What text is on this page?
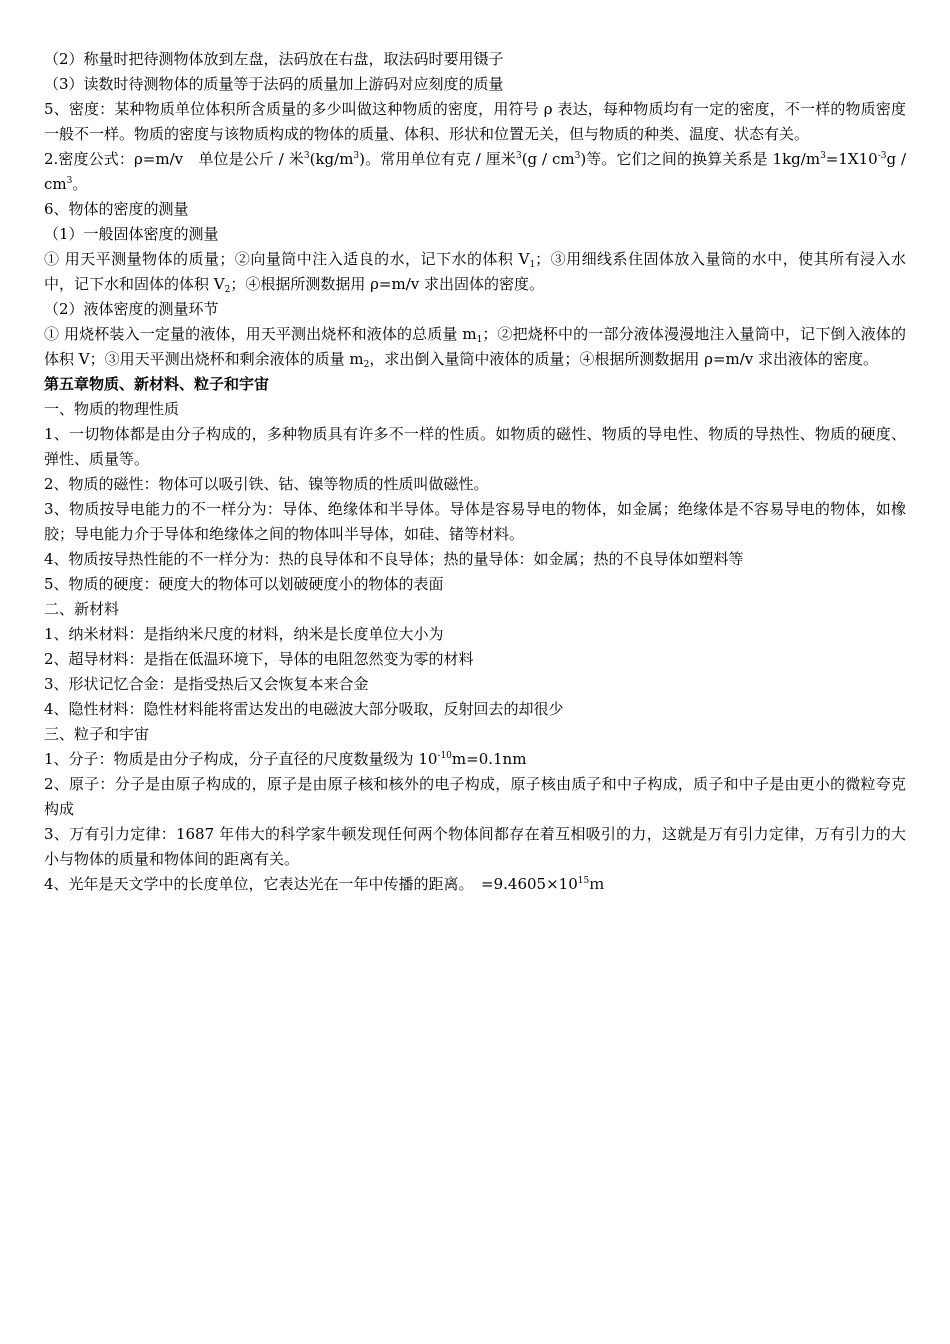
（2）称量时把待测物体放到左盘，法码放在右盘，取法码时要用镊子

（3）读数时待测物体的质量等于法码的质量加上游码对应刻度的质量

5、密度：某种物质单位体积所含质量的多少叫做这种物质的密度，用符号 ρ 表达，每种物质均有一定的密度，不一样的物质密度一般不一样。物质的密度与该物质构成的物体的质量、体积、形状和位置无关，但与物质的种类、温度、状态有关。

2.密度公式：ρ=m/v　单位是公斤 / 米$^3(kg/m^3)$。常用单位有克 / 厘米$^3(g / cm^3)$等。它们之间的换算关系是 $1kg/m^3=1X10^{-3}g / cm^3$。

6、物体的密度的测量

（1）一般固体密度的测量

① 用天平测量物体的质量；②向量筒中注入适良的水，记下水的体积 $V_1$；③用细线系住固体放入量筒的水中，使其所有浸入水中，记下水和固体的体积 $V_2$；④根据所测数据用 ρ=m/v 求出固体的密度。

（2）液体密度的测量环节

① 用烧杯装入一定量的液体，用天平测出烧杯和液体的总质量 $m_1$；②把烧杯中的一部分液体漫漫地注入量筒中，记下倒入液体的体积 V；③用天平测出烧杯和剩余液体的质量 $m_2$，求出倒入量筒中液体的质量；④根据所测数据用 ρ=m/v 求出液体的密度。

第五章物质、新材料、粒子和宇宙

一、物质的物理性质

1、一切物体都是由分子构成的，多种物质具有许多不一样的性质。如物质的磁性、物质的导电性、物质的导热性、物质的硬度、弹性、质量等。

2、物质的磁性：物体可以吸引铁、钴、镍等物质的性质叫做磁性。

3、物质按导电能力的不一样分为：导体、绝缘体和半导体。导体是容易导电的物体，如金属；绝缘体是不容易导电的物体，如橡胶；导电能力介于导体和绝缘体之间的物体叫半导体，如硅、锗等材料。

4、物质按导热性能的不一样分为：热的良导体和不良导体；热的量导体：如金属；热的不良导体如塑料等

5、物质的硬度：硬度大的物体可以划破硬度小的物体的表面

二、新材料

1、纳米材料：是指纳米尺度的材料，纳米是长度单位大小为

2、超导材料：是指在低温环境下，导体的电阻忽然变为零的材料

3、形状记忆合金：是指受热后又会恢复本来合金

4、隐性材料：隐性材料能将雷达发出的电磁波大部分吸取，反射回去的却很少

三、粒子和宇宙

1、分子：物质是由分子构成，分子直径的尺度数量级为 $10^{-10}m=0.1nm$

2、原子：分子是由原子构成的，原子是由原子核和核外的电子构成，原子核由质子和中子构成，质子和中子是由更小的微粒夸克构成

3、万有引力定律：1687 年伟大的科学家牛顿发现任何两个物体间都存在着互相吸引的力，这就是万有引力定律，万有引力的大小与物体的质量和物体间的距离有关。

4、光年是天文学中的长度单位，它表达光在一年中传播的距离。　$=9.4605\times 10^{15}m$
